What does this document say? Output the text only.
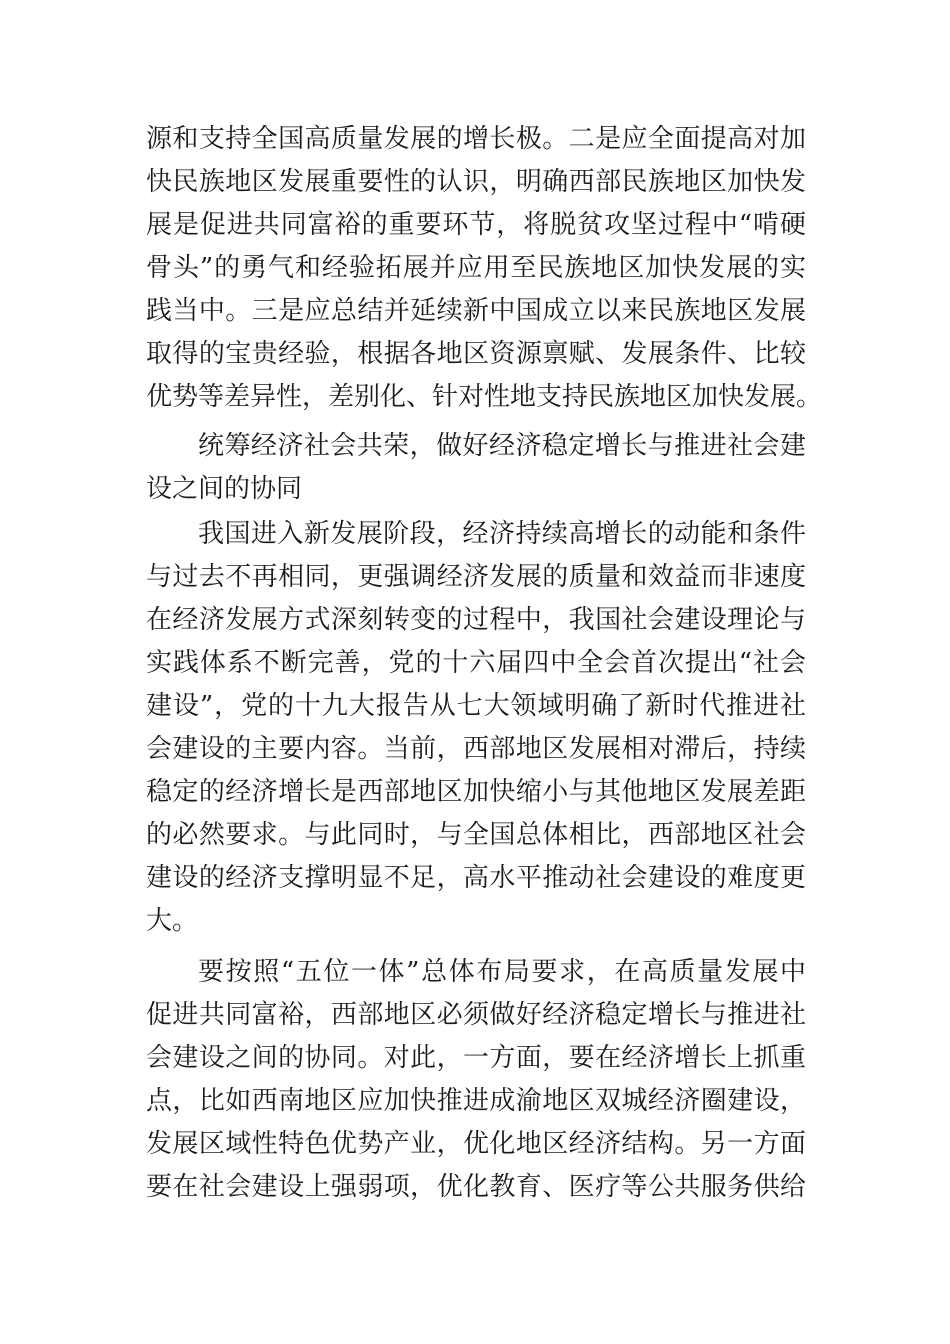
源和支持全国高质量发展的增长极。二是应全面提高对加
快民族地区发展重要性的认识，明确西部民族地区加快发
展是促进共同富裕的重要环节，将脱贫攻坚过程中“啃硬
骨头”的勇气和经验拓展并应用至民族地区加快发展的实
践当中。三是应总结并延续新中国成立以来民族地区发展
取得的宝贵经验，根据各地区资源禀赋、发展条件、比较
优势等差异性，差别化、针对性地支持民族地区加快发展。
统筹经济社会共荣，做好经济稳定增长与推进社会建
设之间的协同
我国进入新发展阶段，经济持续高增长的动能和条件
与过去不再相同，更强调经济发展的质量和效益而非速度
在经济发展方式深刻转变的过程中，我国社会建设理论与
实践体系不断完善，党的十六届四中全会首次提出“社会
建设”，党的十九大报告从七大领域明确了新时代推进社
会建设的主要内容。当前，西部地区发展相对滞后，持续
稳定的经济增长是西部地区加快缩小与其他地区发展差距
的必然要求。与此同时，与全国总体相比，西部地区社会
建设的经济支撑明显不足，高水平推动社会建设的难度更
大。
要按照“五位一体”总体布局要求，在高质量发展中
促进共同富裕，西部地区必须做好经济稳定增长与推进社
会建设之间的协同。对此，一方面，要在经济增长上抓重
点，比如西南地区应加快推进成渝地区双城经济圈建设，
发展区域性特色优势产业，优化地区经济结构。另一方面
要在社会建设上强弱项，优化教育、医疗等公共服务供给
